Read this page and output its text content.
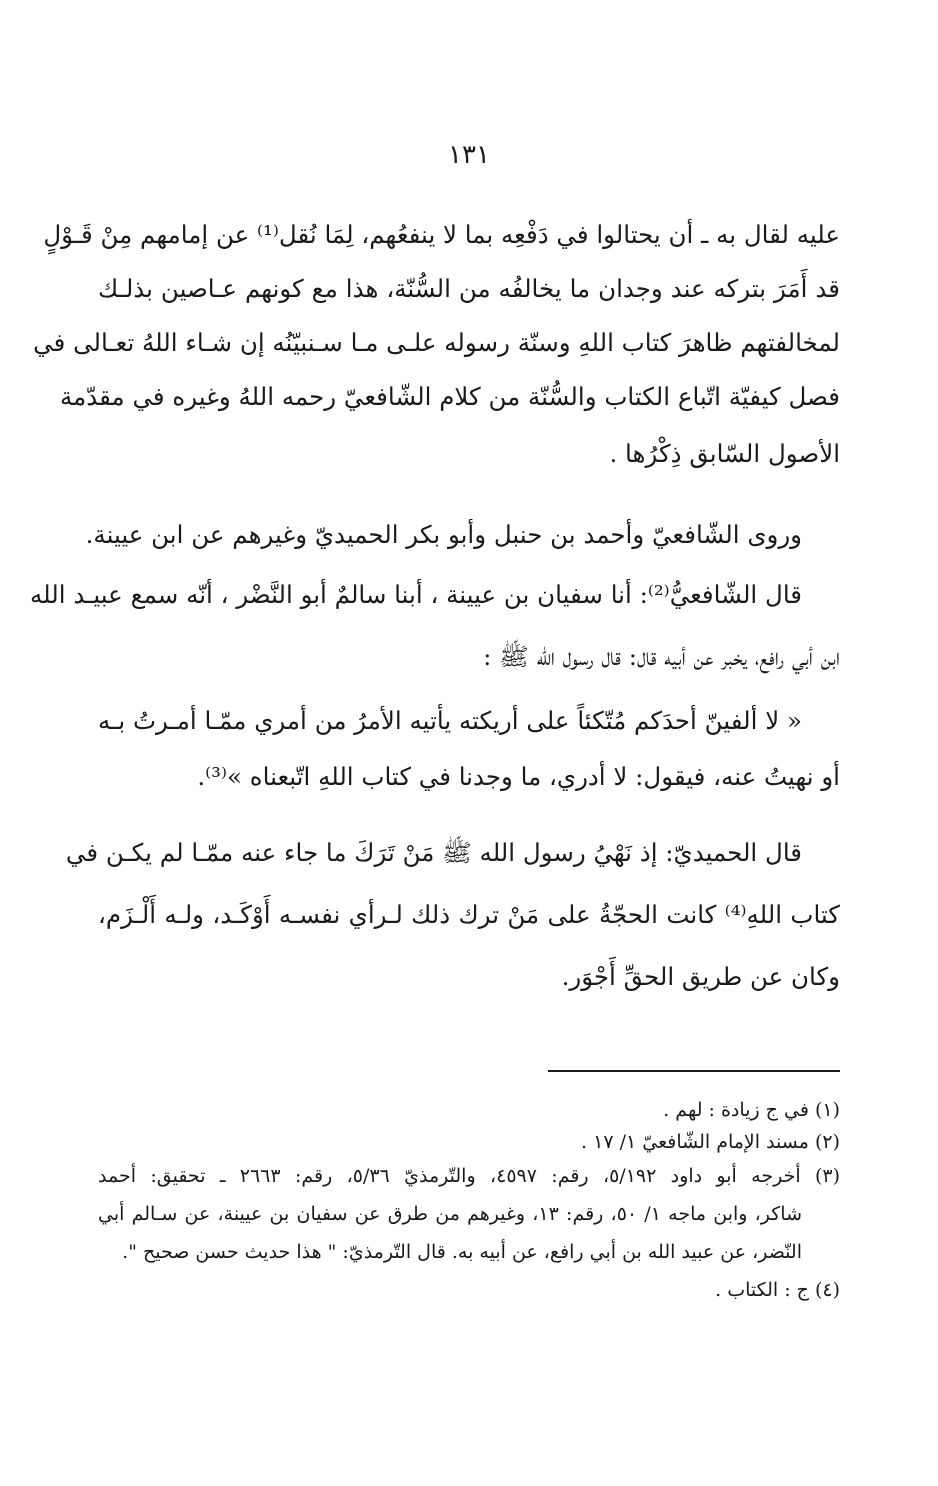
١٣١
عليه لقال به ـ أن يحتالوا في دَفْعِه بما لا ينفعُهم، لِمَا نُقل⁽¹⁾ عن إمامهم مِنْ قَـوْلٍ
قد أَمَرَ بتركه عند وجدان ما يخالفُه من السُّنّة، هذا مع كونهم عـاصين بذلـك
لمخالفتهم ظاهرَ كتاب اللهِ وسنّة رسوله علـى مـا سـنبيّنُه إن شـاء اللهُ تعـالى في
فصل كيفيّة اتّباع الكتاب والسُّنّة من كلام الشّافعيّ رحمه اللهُ وغيره في مقدّمة
الأصول السّابق ذِكْرُها .
وروى الشّافعيّ وأحمد بن حنبل وأبو بكر الحميديّ وغيرهم عن ابن عيينة.
قال الشّافعيُّ⁽²⁾: أنا سفيان بن عيينة ، أبنا سالمٌ أبو النَّضْر ، أنّه سمع عبيـد الله
ابن أبي رافع، يخبر عن أبيه قال: قال رسول الله ﷺ :
« لا ألفينّ أحدَكم مُتّكئاً على أريكته يأتيه الأمرُ من أمري ممّـا أمـرتُ بـه
أو نهيتُ عنه، فيقول: لا أدري، ما وجدنا في كتاب اللهِ اتّبعناه »⁽³⁾.
قال الحميديّ: إذ نَهْيُ رسول الله ﷺ مَنْ تَرَكَ ما جاء عنه ممّـا لم يكـن في
كتاب اللهِ⁽⁴⁾ كانت الحجّةُ على مَنْ ترك ذلك لـرأي نفسـه أَوْكَـد، ولـه أَلْـزَم،
وكان عن طريق الحقِّ أَجْوَر.
(١) في ج زيادة : لهم .
(٢) مسند الإمام الشّافعيّ ١/ ١٧ .
(٣) أخرجه أبو داود ٥/١٩٢، رقم: ٤٥٩٧، والتّرمذيّ ٥/٣٦، رقم: ٢٦٦٣ ـ تحقيق: أحمد
شاكر، وابن ماجه ١/ ٥٠، رقم: ١٣، وغيرهم من طرق عن سفيان بن عيينة، عن سـالم أبي
النّضر، عن عبيد الله بن أبي رافع، عن أبيه به. قال التّرمذيّ: " هذا حديث حسن صحيح ".
(٤) ج : الكتاب .
